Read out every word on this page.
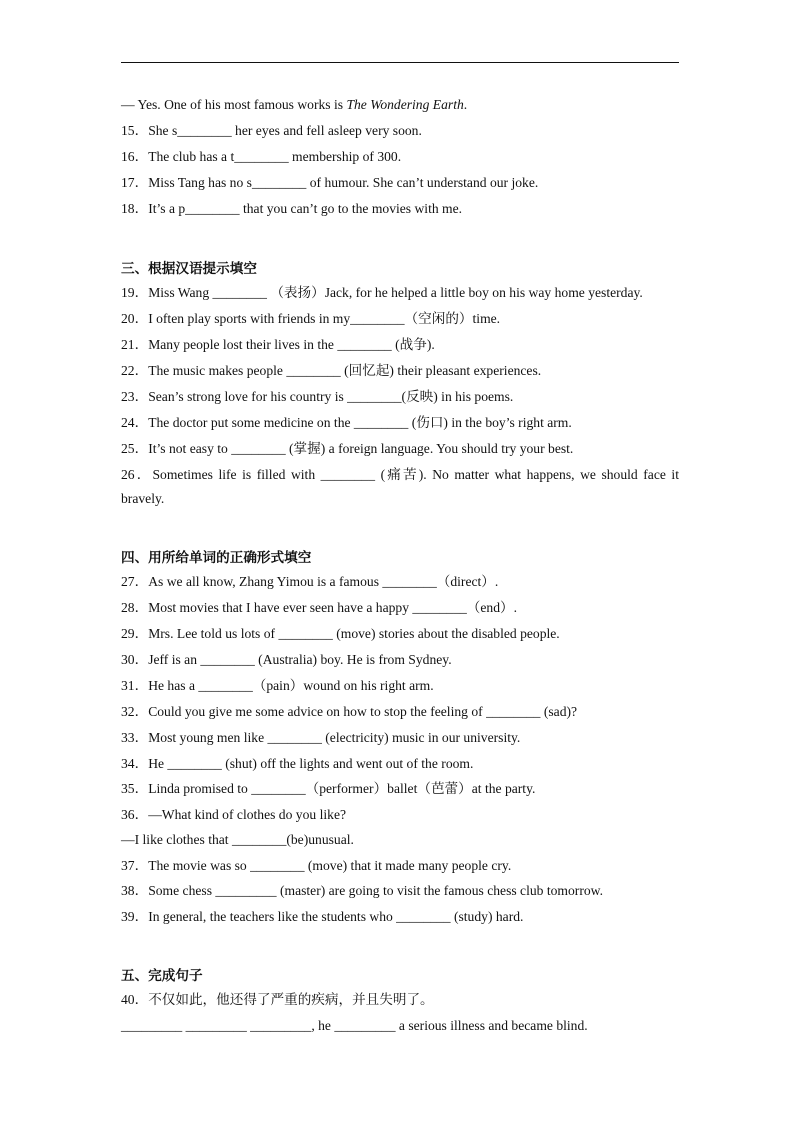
— Yes. One of his most famous works is The Wondering Earth.
15．She s________ her eyes and fell asleep very soon.
16．The club has a t________ membership of 300.
17．Miss Tang has no s________ of humour. She can’t understand our joke.
18．It’s a p________ that you can’t go to the movies with me.
三、根据汉语提示填空
19．Miss Wang ________ （表扬）Jack, for he helped a little boy on his way home yesterday.
20．I often play sports with friends in my________（空闲的）time.
21．Many people lost their lives in the ________ (战争).
22．The music makes people ________ (回忆起) their pleasant experiences.
23．Sean’s strong love for his country is ________(反映) in his poems.
24．The doctor put some medicine on the ________ (伤口) in the boy’s right arm.
25．It’s not easy to ________ (掌握) a foreign language. You should try your best.
26．Sometimes life is filled with ________ (痛苦). No matter what happens, we should face it
bravely.
四、用所给单词的正确形式填空
27．As we all know, Zhang Yimou is a famous ________（direct）.
28．Most movies that I have ever seen have a happy ________（end）.
29．Mrs. Lee told us lots of ________ (move) stories about the disabled people.
30．Jeff is an ________ (Australia) boy. He is from Sydney.
31．He has a ________（pain）wound on his right arm.
32．Could you give me some advice on how to stop the feeling of ________ (sad)?
33．Most young men like ________ (electricity) music in our university.
34．He ________ (shut) off the lights and went out of the room.
35．Linda promised to ________（performer）ballet（芭蕾）at the party.
36．—What kind of clothes do you like?
—I like clothes that ________(be)unusual.
37．The movie was so ________ (move) that it made many people cry.
38．Some chess _________ (master) are going to visit the famous chess club tomorrow.
39．In general, the teachers like the students who ________ (study) hard.
五、完成句子
40．不仅如此，他还得了严重的疾病，并且失明了。
_________ _________ _________, he _________ a serious illness and became blind.
